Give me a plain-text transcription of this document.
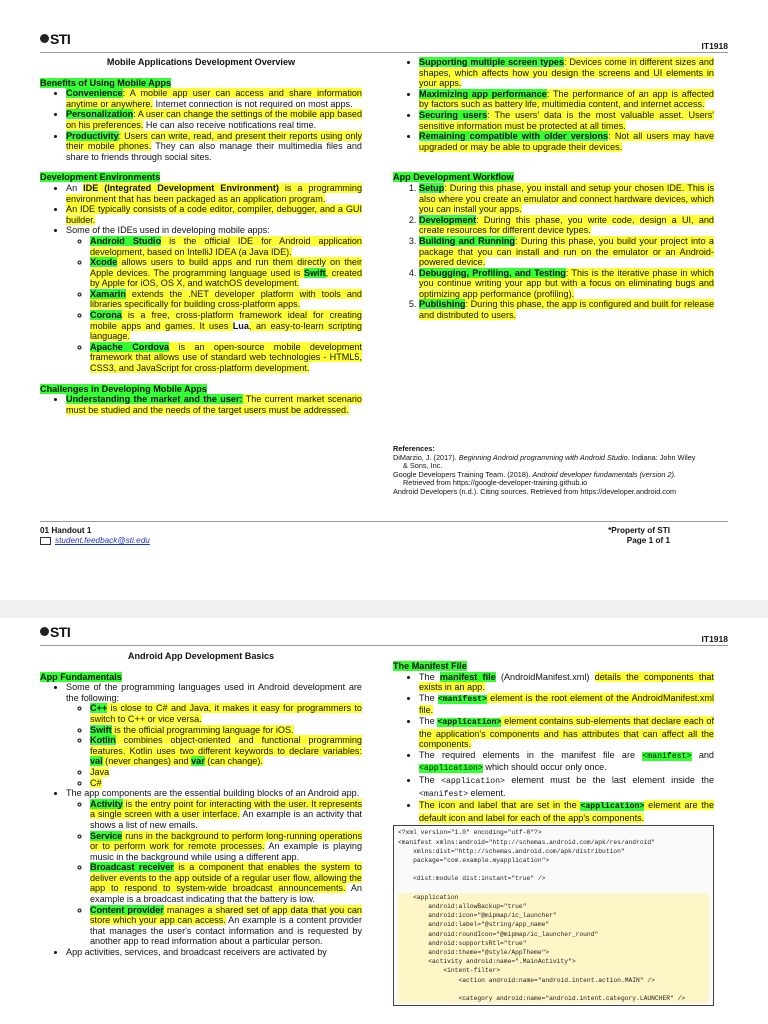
STI	IT1918

Mobile Applications Development Overview

Benefits of Using Mobile Apps

• Convenience: A mobile app user can access and share information anytime or anywhere. Internet connection is not required on most apps.
• Personalization: A user can change the settings of the mobile app based on his preferences. He can also receive notifications real time.
• Productivity: Users can write, read, and present their reports using only their mobile phones. They can also manage their multimedia files and share to friends through social sites.

Development Environments

• An IDE (Integrated Development Environment) is a programming environment that has been packaged as an application program.
• An IDE typically consists of a code editor, compiler, debugger, and a GUI builder.
• Some of the IDEs used in developing mobile apps:
◦ Android Studio is the official IDE for Android application development, based on IntelliJ IDEA (a Java IDE).
◦ Xcode allows users to build apps and run them directly on their Apple devices. The programming language used is Swift, created by Apple for iOS, OS X, and watchOS development.
◦ Xamarin extends the .NET developer platform with tools and libraries specifically for building cross-platform apps.
◦ Corona is a free, cross-platform framework ideal for creating mobile apps and games. It uses Lua, an easy-to-learn scripting language.
◦ Apache Cordova is an open-source mobile development framework that allows use of standard web technologies - HTML5, CSS3, and JavaScript for cross-platform development.

Challenges in Developing Mobile Apps

• Understanding the market and the user: The current market scenario must be studied and the needs of the target users must be addressed.
• Supporting multiple screen types: Devices come in different sizes and shapes, which affects how you design the screens and UI elements in your apps.
• Maximizing app performance: The performance of an app is affected by factors such as battery life, multimedia content, and internet access.
• Securing users: The users' data is the most valuable asset. Users' sensitive information must be protected at all times.
• Remaining compatible with older versions: Not all users may have upgraded or may be able to upgrade their devices.

App Development Workflow

1. Setup: During this phase, you install and setup your chosen IDE. This is also where you create an emulator and connect hardware devices, which you can install your apps.
2. Development: During this phase, you write code, design a UI, and create resources for different device types.
3. Building and Running: During this phase, you build your project into a package that you can install and run on the emulator or an Android-powered device.
4. Debugging, Profiling, and Testing: This is the iterative phase in which you continue writing your app but with a focus on eliminating bugs and optimizing app performance (profiling).
5. Publishing: During this phase, the app is configured and built for release and distributed to users.

References:

DiMarzio, J. (2017). Beginning Android programming with Android Studio. Indiana: John Wiley

& Sons, Inc.

Google Developers Training Team. (2018). Android developer fundamentals (version 2).

Retrieved from https://google-developer-training.github.io

Android Developers (n.d.). Citing sources. Retrieved from https://developer.android.com

01 Handout 1
student.feedback@sti.edu
*Property of STI
Page 1 of 1
STI	IT1918

Android App Development Basics

App Fundamentals

• Some of the programming languages used in Android development are the following:
◦ C++ is close to C# and Java, it makes it easy for programmers to switch to C++ or vice versa.
◦ Swift is the official programming language for iOS.
◦ Kotlin combines object-oriented and functional programming features. Kotlin uses two different keywords to declare variables: val (never changes) and var (can change).
◦ Java
◦ C#
• The app components are the essential building blocks of an Android app.
◦ Activity is the entry point for interacting with the user. It represents a single screen with a user interface. An example is an activity that shows a list of new emails.
◦ Service runs in the background to perform long-running operations or to perform work for remote processes. An example is playing music in the background while using a different app.
◦ Broadcast receiver is a component that enables the system to deliver events to the app outside of a regular user flow, allowing the app to respond to system-wide broadcast announcements. An example is a broadcast indicating that the battery is low.
◦ Content provider manages a shared set of app data that you can store which your app can access. An example is a content provider that manages the user's contact information and is requested by another app to read information about a particular person.
• App activities, services, and broadcast receivers are activated by

The Manifest File

• The manifest file (AndroidManifest.xml) details the components that exists in an app.
• The <manifest> element is the root element of the AndroidManifest.xml file.
• The <application> element contains sub-elements that declare each of the application's components and has attributes that can affect all the components.
• The required elements in the manifest file are <manifest> and <application> which should occur only once.
• The <application> element must be the last element inside the <manifest> element.
• The icon and label that are set in the <application> element are the default icon and label for each of the app's components.
<?xml version="1.0" encoding="utf-8"?>
<manifest xmlns:android="http://schemas.android.com/apk/res/android"
xmlns:dist="http://schemas.android.com/apk/distribution"
package="com.example.myapplication">

<dist:module dist:instant="true" />

<application
android:allowBackup="true"
android:icon="@mipmap/ic_launcher"
android:label="@string/app_name"
android:roundIcon="@mipmap/ic_launcher_round"
android:supportsRtl="true"
android:theme="@style/AppTheme">
<activity android:name=".MainActivity">
<intent-filter>
<action android:name="android.intent.action.MAIN" />

<category android:name="android.intent.category.LAUNCHER" />
